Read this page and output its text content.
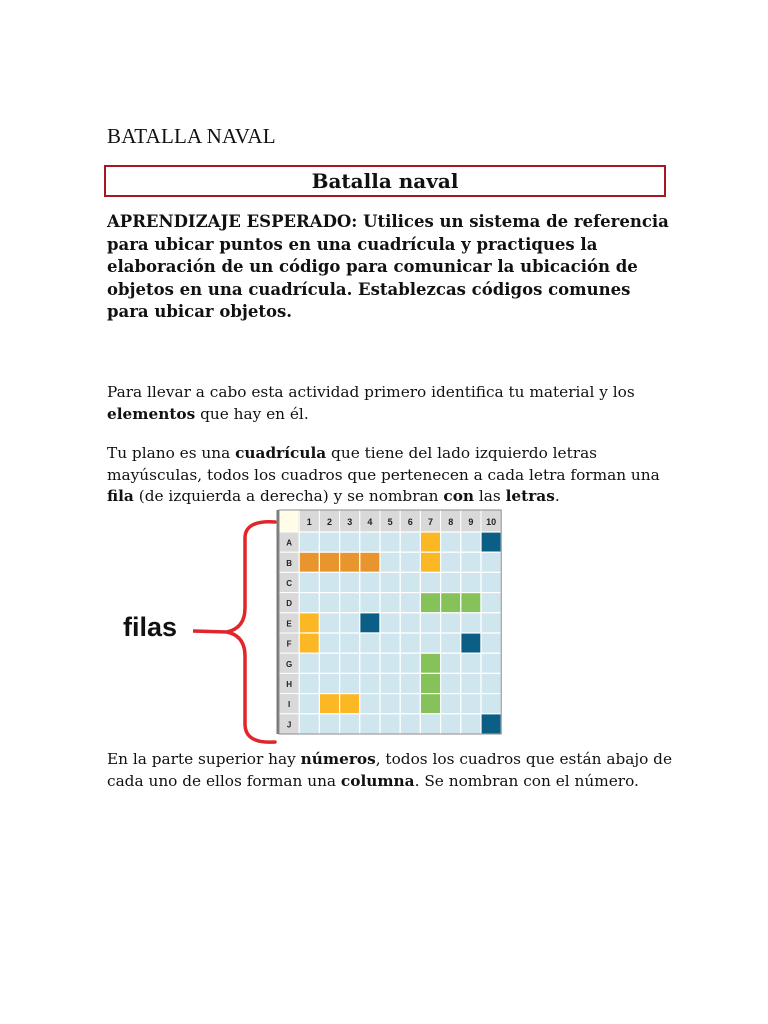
BATALLA NAVAL
Batalla naval
APRENDIZAJE ESPERADO: Utilices un sistema de referencia para ubicar puntos en una cuadrícula y practiques la elaboración de un código para comunicar la ubicación de objetos en una cuadrícula. Establezcas códigos comunes para ubicar objetos.
Para llevar a cabo esta actividad primero identifica tu material y los elementos que hay en él.
Tu plano es una cuadrícula que tiene del lado izquierdo letras mayúsculas, todos los cuadros que pertenecen a cada letra forman una fila (de izquierda a derecha) y se nombran con las letras.
filas
1 2 3 4 5 6 7 8 9 10
A
B
C
D
E
F
G
H
I
J
En la parte superior hay números, todos los cuadros que están abajo de cada uno de ellos forman una columna. Se nombran con el número.
